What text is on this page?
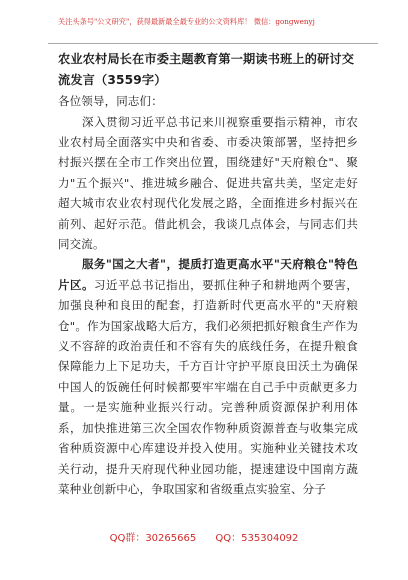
关注头条号"公文研究"，获得最新最全最专业的公文资料库！ 微信：gongwenyj

农业农村局长在市委主题教育第一期读书班上的研讨交流发言（3559字）

各位领导，同志们：

深入贯彻习近平总书记来川视察重要指示精神，市农业农村局全面落实中央和省委、市委决策部署，坚持把乡村振兴摆在全市工作突出位置，围绕建好"天府粮仓"、聚力"五个振兴"、推进城乡融合、促进共富共美，坚定走好超大城市农业农村现代化发展之路，全面推进乡村振兴在前列、起好示范。借此机会，我谈几点体会，与同志们共同交流。

服务"国之大者"，提质打造更高水平"天府粮仓"特色片区。习近平总书记指出，要抓住种子和耕地两个要害，加强良种和良田的配套，打造新时代更高水平的"天府粮仓"。作为国家战略大后方，我们必须把抓好粮食生产作为义不容辞的政治责任和不容有失的底线任务，在提升粮食保障能力上下足功夫，千方百计守护平原良田沃土为确保中国人的饭碗任何时候都要牢牢端在自己手中贡献更多力量。一是实施种业振兴行动。完善种质资源保护利用体系，加快推进第三次全国农作物种质资源普查与收集完成省种质资源中心库建设并投入使用。实施种业关键技术攻关行动，提升天府现代种业园功能，提速建设中国南方蔬菜种业创新中心，争取国家和省级重点实验室、分子

QQ群：30265665 QQ：535304092
